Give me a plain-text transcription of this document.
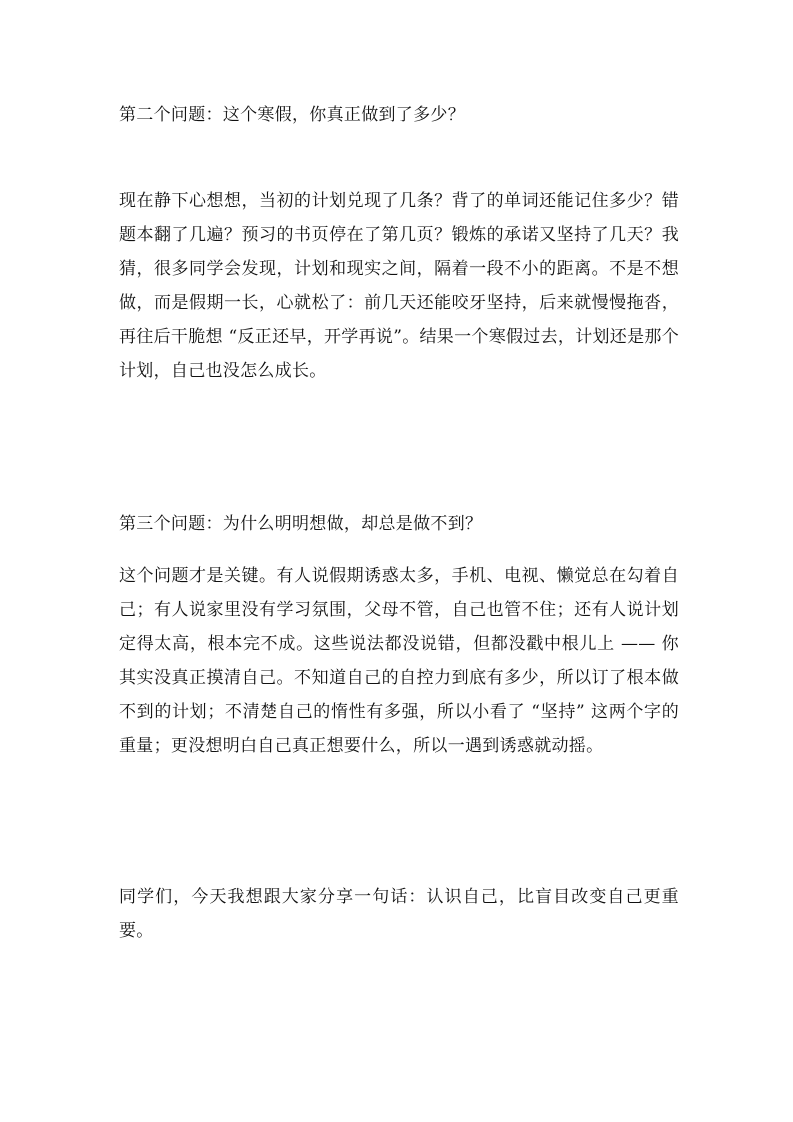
第二个问题：这个寒假，你真正做到了多少？

现在静下心想想，当初的计划兑现了几条？背了的单词还能记住多少？错题本翻了几遍？预习的书页停在了第几页？锻炼的承诺又坚持了几天？我猜，很多同学会发现，计划和现实之间，隔着一段不小的距离。不是不想做，而是假期一长，心就松了：前几天还能咬牙坚持，后来就慢慢拖沓，再往后干脆想 “反正还早，开学再说”。结果一个寒假过去，计划还是那个计划，自己也没怎么成长。

第三个问题：为什么明明想做，却总是做不到？

这个问题才是关键。有人说假期诱惑太多，手机、电视、懒觉总在勾着自己；有人说家里没有学习氛围，父母不管，自己也管不住；还有人说计划定得太高，根本完不成。这些说法都没说错，但都没戳中根儿上 —— 你其实没真正摸清自己。不知道自己的自控力到底有多少，所以订了根本做不到的计划；不清楚自己的惰性有多强，所以小看了 “坚持” 这两个字的重量；更没想明白自己真正想要什么，所以一遇到诱惑就动摇。

同学们，今天我想跟大家分享一句话：认识自己，比盲目改变自己更重要。
